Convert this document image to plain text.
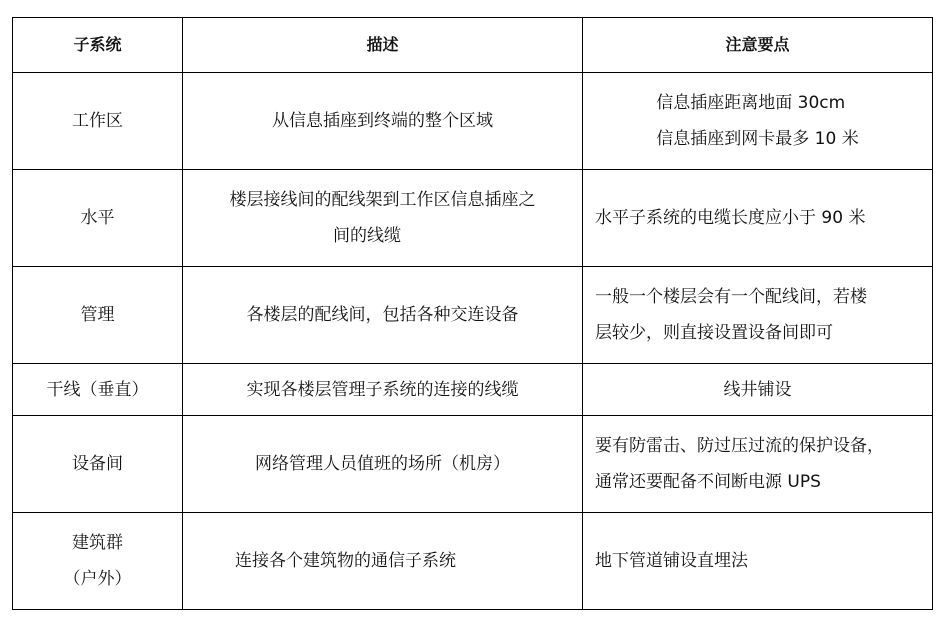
子系统	描述	注意要点

工作区	从信息插座到终端的整个区域	信息插座距离地面 30cm
信息插座到网卡最多 10 米

水平	楼层接线间的配线架到工作区信息插座之
间的线缆	水平子系统的电缆长度应小于 90 米

管理	各楼层的配线间，包括各种交连设备	一般一个楼层会有一个配线间，若楼
层较少，则直接设置设备间即可

干线（垂直）	实现各楼层管理子系统的连接的线缆	线井铺设

设备间	网络管理人员值班的场所（机房）	要有防雷击、防过压过流的保护设备，
通常还要配备不间断电源 UPS

建筑群
（户外）	连接各个建筑物的通信子系统	地下管道铺设直埋法
